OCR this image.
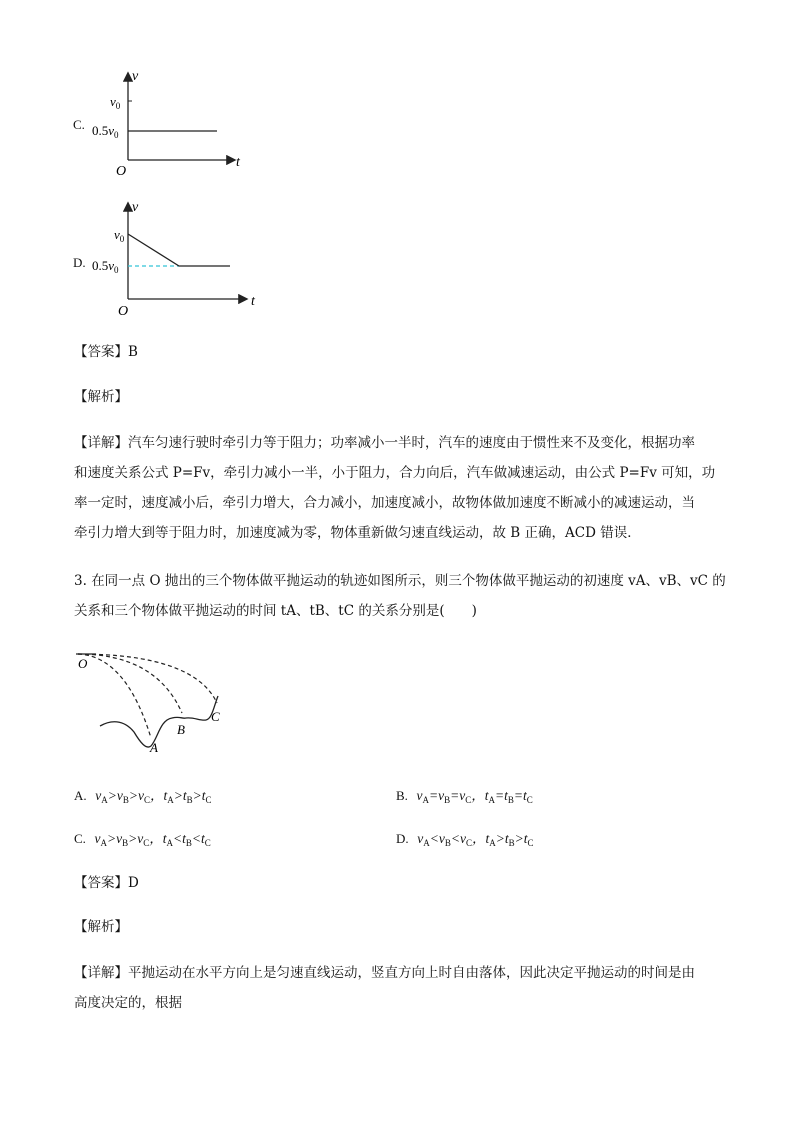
C.
v
$v_0$
$0.5v_0$
O
t
D.
v
$v_0$
$0.5v_0$
O
t
【答案】B
【解析】
【详解】汽车匀速行驶时牵引力等于阻力；功率减小一半时，汽车的速度由于惯性来不及变化，根据功率
和速度关系公式 P=Fv，牵引力减小一半，小于阻力，合力向后，汽车做减速运动，由公式 P=Fv 可知，功
率一定时，速度减小后，牵引力增大，合力减小，加速度减小，故物体做加速度不断减小的减速运动，当
牵引力增大到等于阻力时，加速度减为零，物体重新做匀速直线运动，故 B 正确，ACD 错误．
3. 在同一点 O 抛出的三个物体做平抛运动的轨迹如图所示，则三个物体做平抛运动的初速度 vA、vB、vC 的
关系和三个物体做平抛运动的时间 tA、tB、tC 的关系分别是(　　)
O
A
B
C
A. $v_A>v_B>v_C$，$t_A>t_B>t_C$	B. $v_A=v_B=v_C$，$t_A=t_B=t_C$
C. $v_A>v_B>v_C$，$t_A<t_B<t_C$	D. $v_A<v_B<v_C$，$t_A>t_B>t_C$
【答案】D
【解析】
【详解】平抛运动在水平方向上是匀速直线运动，竖直方向上时自由落体，因此决定平抛运动的时间是由
高度决定的，根据
